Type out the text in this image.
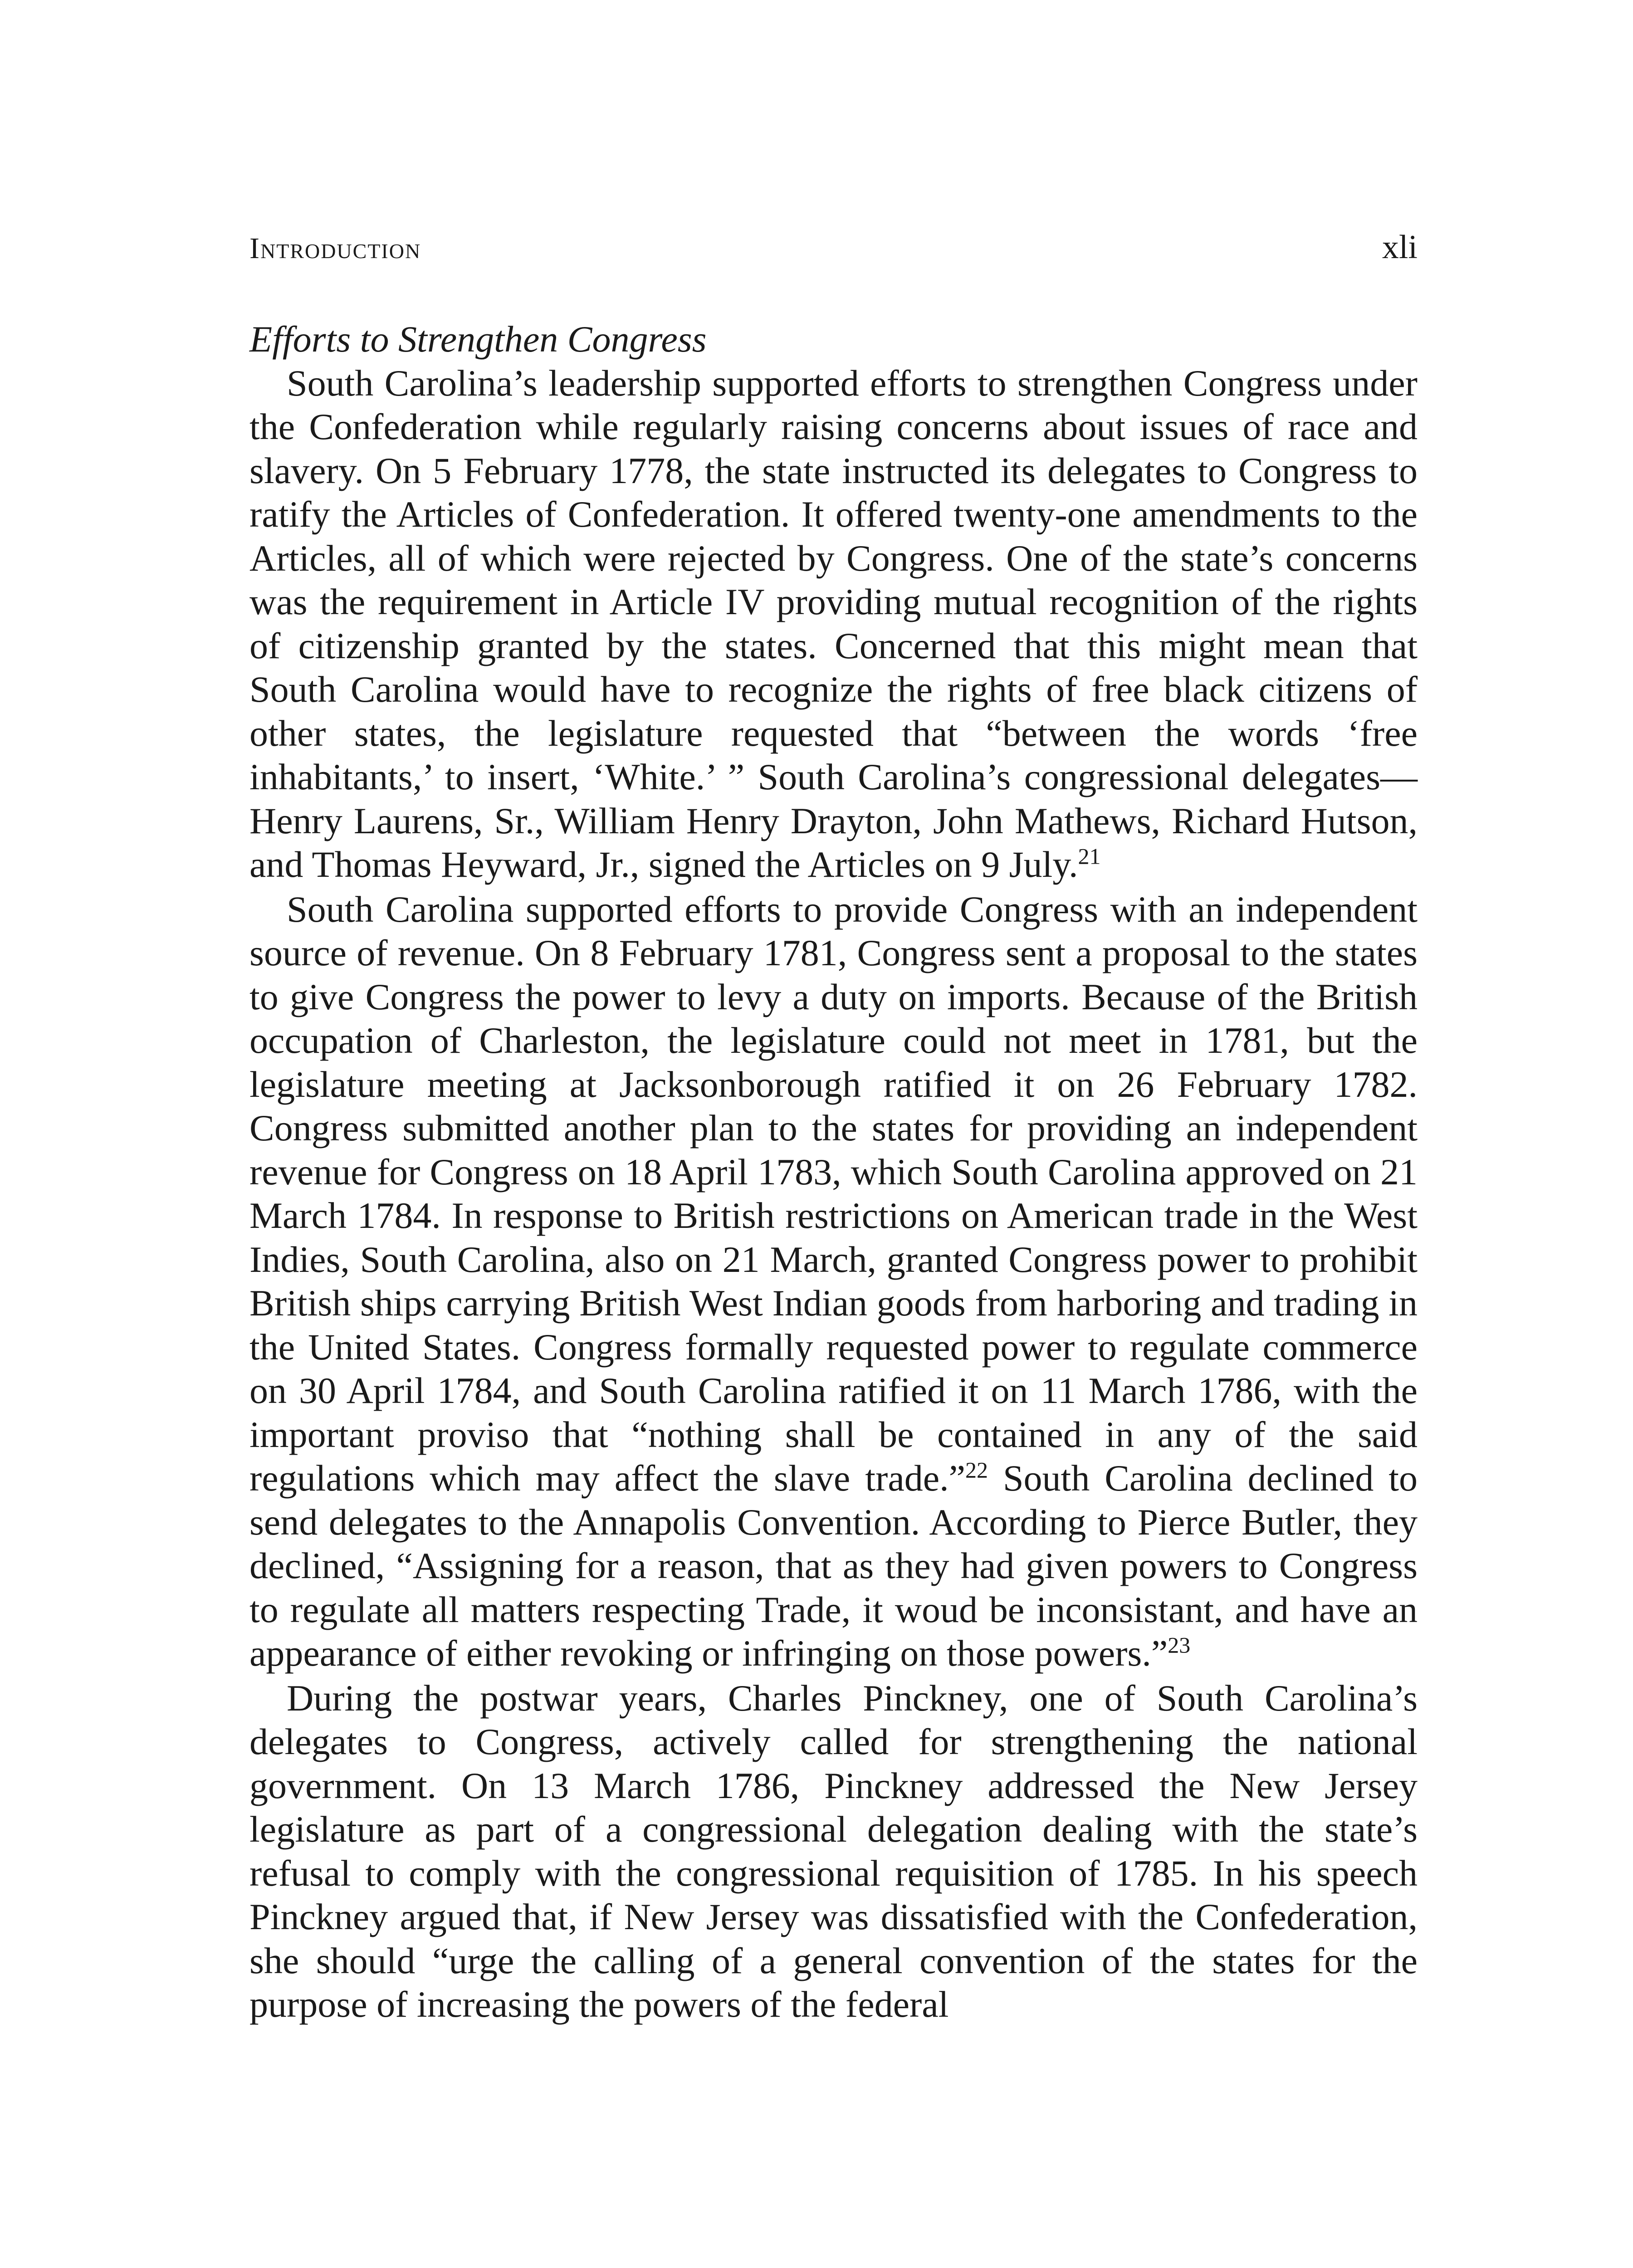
Introduction	xli

Efforts to Strengthen Congress

South Carolina’s leadership supported efforts to strengthen Congress under the Confederation while regularly raising concerns about issues of race and slavery. On 5 February 1778, the state instructed its delegates to Congress to ratify the Articles of Confederation. It offered twenty-one amendments to the Articles, all of which were rejected by Congress. One of the state’s concerns was the requirement in Article IV providing mutual recognition of the rights of citizenship granted by the states. Concerned that this might mean that South Carolina would have to recognize the rights of free black citizens of other states, the legislature requested that “between the words ‘free inhabitants,’ to insert, ‘White.’ ” South Carolina’s congressional delegates—Henry Laurens, Sr., William Henry Drayton, John Mathews, Richard Hutson, and Thomas Heyward, Jr., signed the Articles on 9 July.$^{21}$

South Carolina supported efforts to provide Congress with an independent source of revenue. On 8 February 1781, Congress sent a proposal to the states to give Congress the power to levy a duty on imports. Because of the British occupation of Charleston, the legislature could not meet in 1781, but the legislature meeting at Jacksonborough ratified it on 26 February 1782. Congress submitted another plan to the states for providing an independent revenue for Congress on 18 April 1783, which South Carolina approved on 21 March 1784. In response to British restrictions on American trade in the West Indies, South Carolina, also on 21 March, granted Congress power to prohibit British ships carrying British West Indian goods from harboring and trading in the United States. Congress formally requested power to regulate commerce on 30 April 1784, and South Carolina ratified it on 11 March 1786, with the important proviso that “nothing shall be contained in any of the said regulations which may affect the slave trade.”$^{22}$ South Carolina declined to send delegates to the Annapolis Convention. According to Pierce Butler, they declined, “Assigning for a reason, that as they had given powers to Congress to regulate all matters respecting Trade, it woud be inconsistant, and have an appearance of either revoking or infringing on those powers.”$^{23}$

During the postwar years, Charles Pinckney, one of South Carolina’s delegates to Congress, actively called for strengthening the national government. On 13 March 1786, Pinckney addressed the New Jersey legislature as part of a congressional delegation dealing with the state’s refusal to comply with the congressional requisition of 1785. In his speech Pinckney argued that, if New Jersey was dissatisfied with the Confederation, she should “urge the calling of a general convention of the states for the purpose of increasing the powers of the federal
